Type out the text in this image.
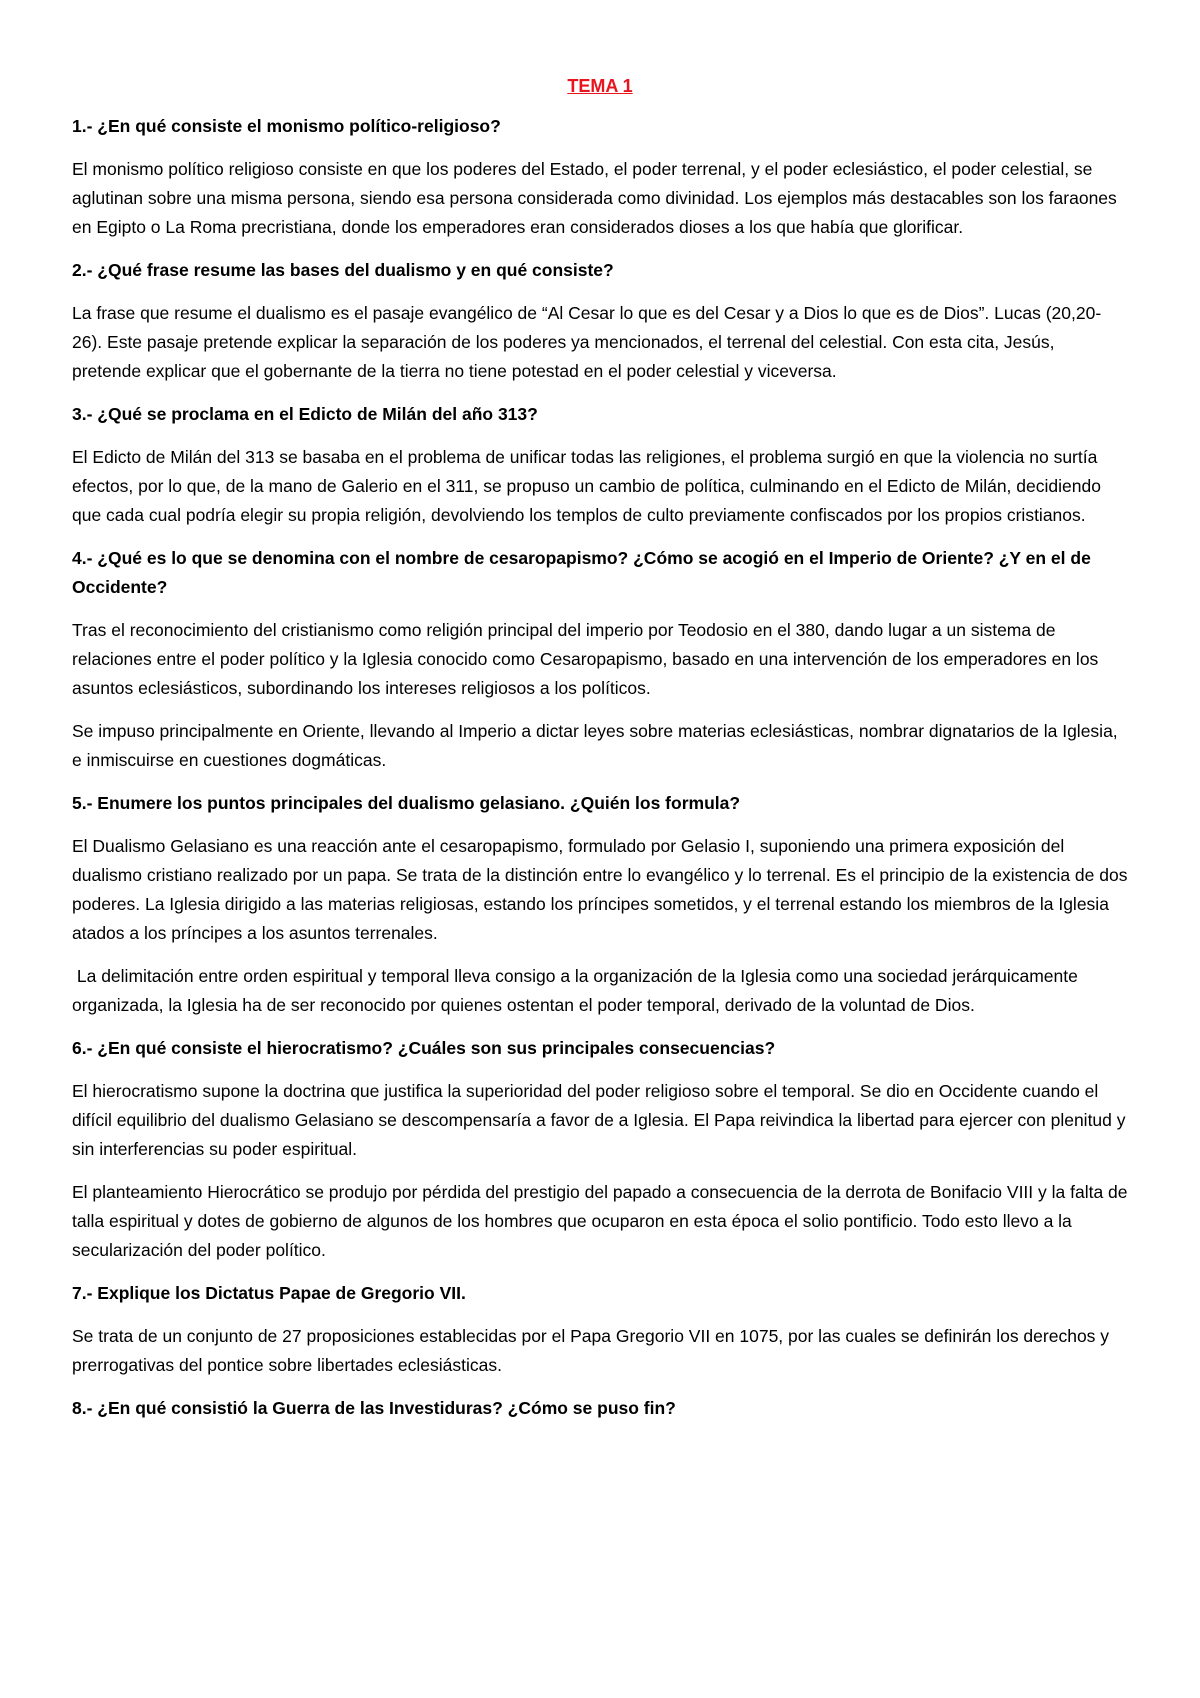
TEMA 1
1.- ¿En qué consiste el monismo político-religioso?
El monismo político religioso consiste en que los poderes del Estado, el poder terrenal, y el poder eclesiástico, el poder celestial, se aglutinan sobre una misma persona, siendo esa persona considerada como divinidad. Los ejemplos más destacables son los faraones en Egipto o La Roma precristiana, donde los emperadores eran considerados dioses a los que había que glorificar.
2.- ¿Qué frase resume las bases del dualismo y en qué consiste?
La frase que resume el dualismo es el pasaje evangélico de “Al Cesar lo que es del Cesar y a Dios lo que es de Dios”. Lucas (20,20-26). Este pasaje pretende explicar la separación de los poderes ya mencionados, el terrenal del celestial. Con esta cita, Jesús, pretende explicar que el gobernante de la tierra no tiene potestad en el poder celestial y viceversa.
3.- ¿Qué se proclama en el Edicto de Milán del año 313?
El Edicto de Milán del 313 se basaba en el problema de unificar todas las religiones, el problema surgió en que la violencia no surtía efectos, por lo que, de la mano de Galerio en el 311, se propuso un cambio de política, culminando en el Edicto de Milán, decidiendo que cada cual podría elegir su propia religión, devolviendo los templos de culto previamente confiscados por los propios cristianos.
4.- ¿Qué es lo que se denomina con el nombre de cesaropapismo? ¿Cómo se acogió en el Imperio de Oriente? ¿Y en el de Occidente?
Tras el reconocimiento del cristianismo como religión principal del imperio por Teodosio en el 380, dando lugar a un sistema de relaciones entre el poder político y la Iglesia conocido como Cesaropapismo, basado en una intervención de los emperadores en los asuntos eclesiásticos, subordinando los intereses religiosos a los políticos.
Se impuso principalmente en Oriente, llevando al Imperio a dictar leyes sobre materias eclesiásticas, nombrar dignatarios de la Iglesia, e inmiscuirse en cuestiones dogmáticas.
5.- Enumere los puntos principales del dualismo gelasiano. ¿Quién los formula?
El Dualismo Gelasiano es una reacción ante el cesaropapismo, formulado por Gelasio I, suponiendo una primera exposición del dualismo cristiano realizado por un papa. Se trata de la distinción entre lo evangélico y lo terrenal. Es el principio de la existencia de dos poderes. La Iglesia dirigido a las materias religiosas, estando los príncipes sometidos, y el terrenal estando los miembros de la Iglesia atados a los príncipes a los asuntos terrenales.
La delimitación entre orden espiritual y temporal lleva consigo a la organización de la Iglesia como una sociedad jerárquicamente organizada, la Iglesia ha de ser reconocido por quienes ostentan el poder temporal, derivado de la voluntad de Dios.
6.- ¿En qué consiste el hierocratismo? ¿Cuáles son sus principales consecuencias?
El hierocratismo supone la doctrina que justifica la superioridad del poder religioso sobre el temporal. Se dio en Occidente cuando el difícil equilibrio del dualismo Gelasiano se descompensaría a favor de a Iglesia. El Papa reivindica la libertad para ejercer con plenitud y sin interferencias su poder espiritual.
El planteamiento Hierocrático se produjo por pérdida del prestigio del papado a consecuencia de la derrota de Bonifacio VIII y la falta de talla espiritual y dotes de gobierno de algunos de los hombres que ocuparon en esta época el solio pontificio. Todo esto llevo a la secularización del poder político.
7.- Explique los Dictatus Papae de Gregorio VII.
Se trata de un conjunto de 27 proposiciones establecidas por el Papa Gregorio VII en 1075, por las cuales se definirán los derechos y prerrogativas del pontice sobre libertades eclesiásticas.
8.- ¿En qué consistió la Guerra de las Investiduras? ¿Cómo se puso fin?
